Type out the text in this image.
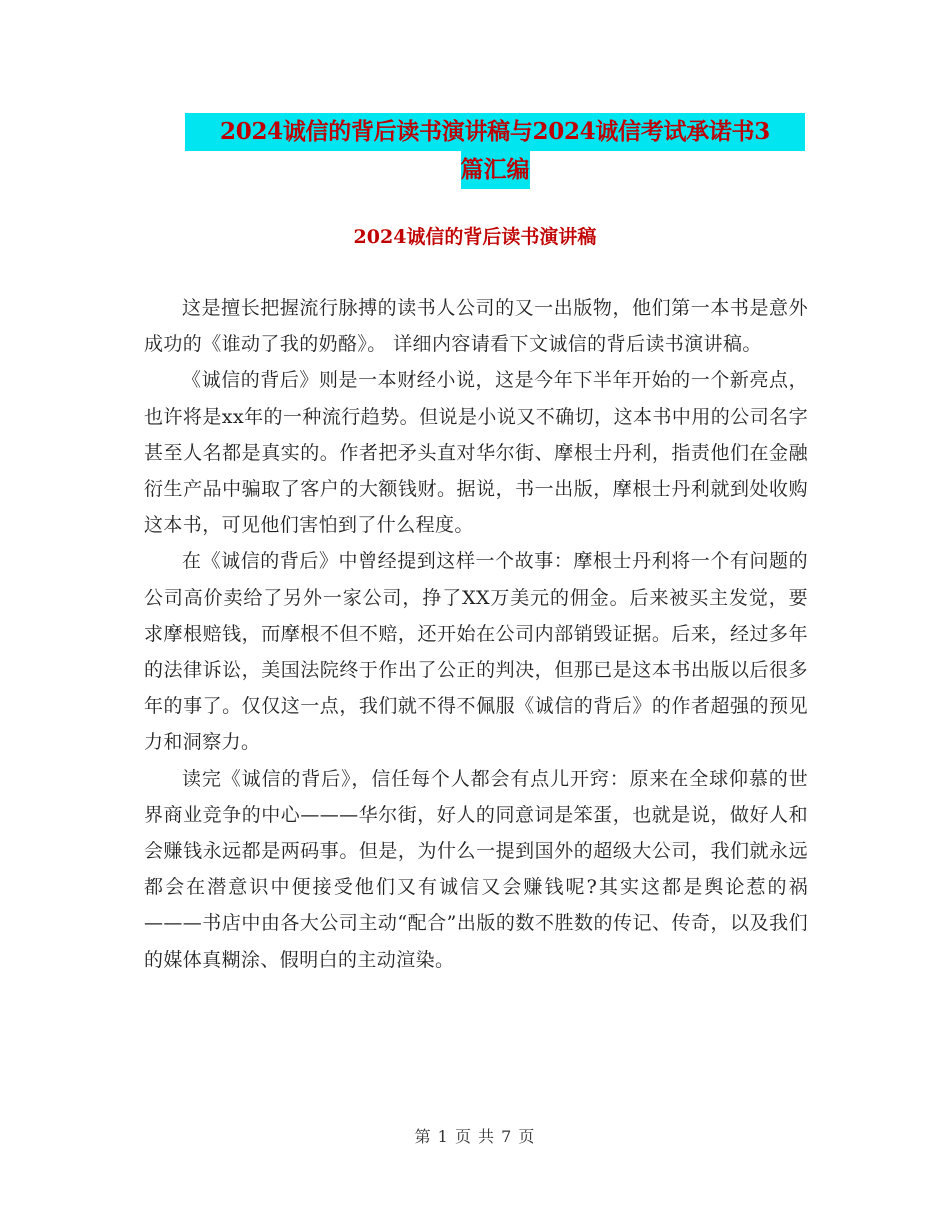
2024诚信的背后读书演讲稿与2024诚信考试承诺书3
篇汇编
2024诚信的背后读书演讲稿

这是擅长把握流行脉搏的读书人公司的又一出版物，他们第一本书是意外成功的《谁动了我的奶酪》。 详细内容请看下文诚信的背后读书演讲稿。

《诚信的背后》则是一本财经小说，这是今年下半年开始的一个新亮点，也许将是xx年的一种流行趋势。但说是小说又不确切，这本书中用的公司名字甚至人名都是真实的。作者把矛头直对华尔街、摩根士丹利，指责他们在金融衍生产品中骗取了客户的大额钱财。据说，书一出版，摩根士丹利就到处收购这本书，可见他们害怕到了什么程度。

在《诚信的背后》中曾经提到这样一个故事：摩根士丹利将一个有问题的公司高价卖给了另外一家公司，挣了XX万美元的佣金。后来被买主发觉，要求摩根赔钱，而摩根不但不赔，还开始在公司内部销毁证据。后来，经过多年的法律诉讼，美国法院终于作出了公正的判决，但那已是这本书出版以后很多年的事了。仅仅这一点，我们就不得不佩服《诚信的背后》的作者超强的预见力和洞察力。

读完《诚信的背后》，信任每个人都会有点儿开窍：原来在全球仰慕的世界商业竞争的中心———华尔街，好人的同意词是笨蛋，也就是说，做好人和会赚钱永远都是两码事。但是，为什么一提到国外的超级大公司，我们就永远都会在潜意识中便接受他们又有诚信又会赚钱呢?其实这都是舆论惹的祸———书店中由各大公司主动“配合”出版的数不胜数的传记、传奇，以及我们的媒体真糊涂、假明白的主动渲染。

第 1 页 共 7 页
